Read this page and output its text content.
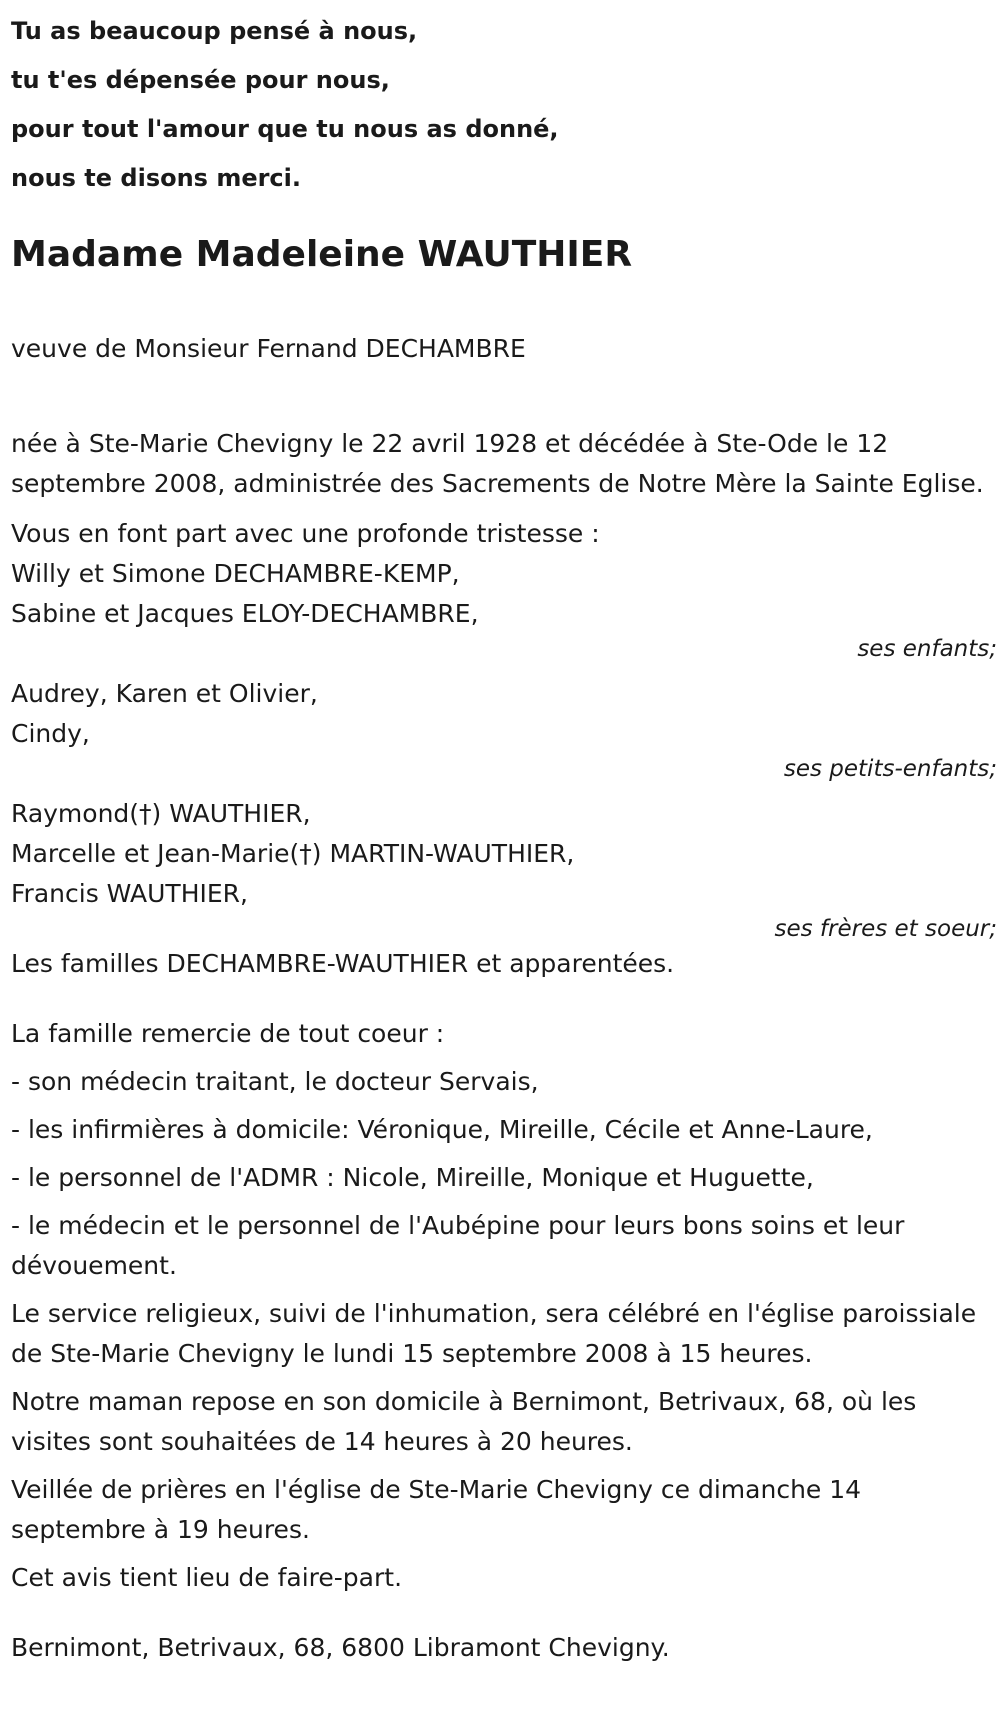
Tu as beaucoup pensé à nous,
tu t'es dépensée pour nous,
pour tout l'amour que tu nous as donné,
nous te disons merci.
Madame Madeleine WAUTHIER
veuve de Monsieur Fernand DECHAMBRE
née à Ste-Marie Chevigny le 22 avril 1928 et décédée à Ste-Ode le 12 septembre 2008, administrée des Sacrements de Notre Mère la Sainte Eglise.
Vous en font part avec une profonde tristesse :
Willy et Simone DECHAMBRE-KEMP,
Sabine et Jacques ELOY-DECHAMBRE,
ses enfants;
Audrey, Karen et Olivier,
Cindy,
ses petits-enfants;
Raymond(†) WAUTHIER,
Marcelle et Jean-Marie(†) MARTIN-WAUTHIER,
Francis WAUTHIER,
ses frères et soeur;
Les familles DECHAMBRE-WAUTHIER et apparentées.
La famille remercie de tout coeur :
- son médecin traitant, le docteur Servais,
- les infirmières à domicile: Véronique, Mireille, Cécile et Anne-Laure,
- le personnel de l'ADMR : Nicole, Mireille, Monique et Huguette,
- le médecin et le personnel de l'Aubépine pour leurs bons soins et leur dévouement.
Le service religieux, suivi de l'inhumation, sera célébré en l'église paroissiale de Ste-Marie Chevigny le lundi 15 septembre 2008 à 15 heures.
Notre maman repose en son domicile à Bernimont, Betrivaux, 68, où les visites sont souhaitées de 14 heures à 20 heures.
Veillée de prières en l'église de Ste-Marie Chevigny ce dimanche 14 septembre à 19 heures.
Cet avis tient lieu de faire-part.
Bernimont, Betrivaux, 68, 6800 Libramont Chevigny.
